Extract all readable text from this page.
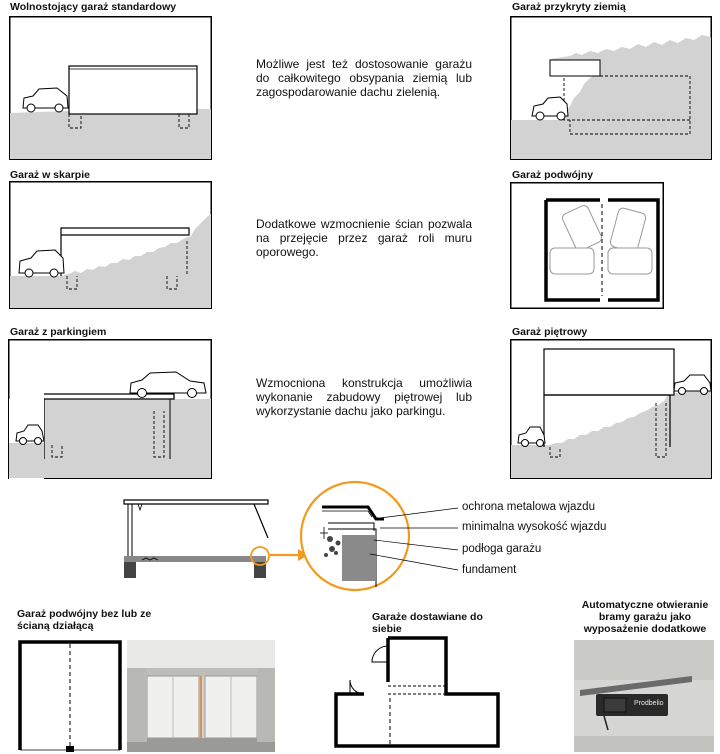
Wolnostojący garaż standardowy	Garaż przykryty ziemią
Garaż w skarpie	Garaż podwójny
Garaż z parkingiem	Garaż piętrowy
Możliwe jest też dostosowanie garażu do całkowitego obsypania ziemią lub zagospodarowanie dachu zielenią.
Dodatkowe wzmocnienie ścian pozwala na przejęcie przez garaż roli muru oporowego.
Wzmocniona konstrukcja umożliwia wykonanie zabudowy piętrowej lub wykorzystanie dachu jako parkingu.
ochrona metalowa wjazdu
minimalna wysokość wjazdu
podłoga garażu
fundament
Garaż podwójny bez lub ze ścianą działącą
Garaże dostawiane do siebie
Automatyczne otwieranie bramy garażu jako wyposażenie dodatkowe
Prodbelio
